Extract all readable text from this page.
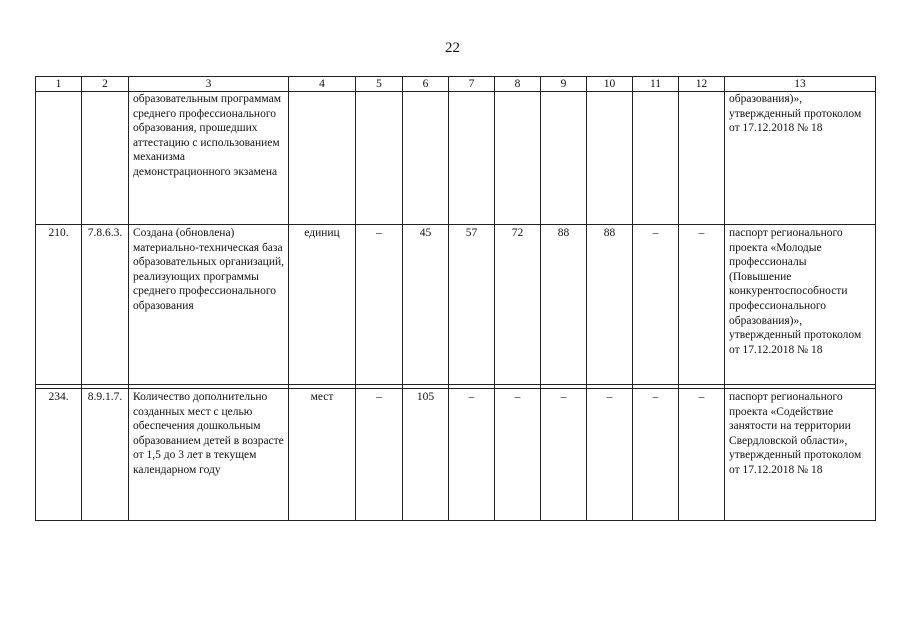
22
1	2	3	4	5	6	7	8	9	10	11	12	13
		образовательным программам среднего профессионального образования, прошедших аттестацию с использованием механизма демонстрационного экзамена										образования)», утвержденный протоколом от 17.12.2018 № 18
210.	7.8.6.3.	Создана (обновлена) материально-техническая база образовательных организаций, реализующих программы среднего профессионального образования	единиц	–	45	57	72	88	88	–	–	паспорт регионального проекта «Молодые профессионалы (Повышение конкурентоспособности профессионального образования)», утвержденный протоколом от 17.12.2018 № 18

234.	8.9.1.7.	Количество дополнительно созданных мест с целью обеспечения дошкольным образованием детей в возрасте от 1,5 до 3 лет в текущем календарном году	мест	–	105	–	–	–	–	–	–	паспорт регионального проекта «Содействие занятости на территории Свердловской области», утвержденный протоколом от 17.12.2018 № 18
